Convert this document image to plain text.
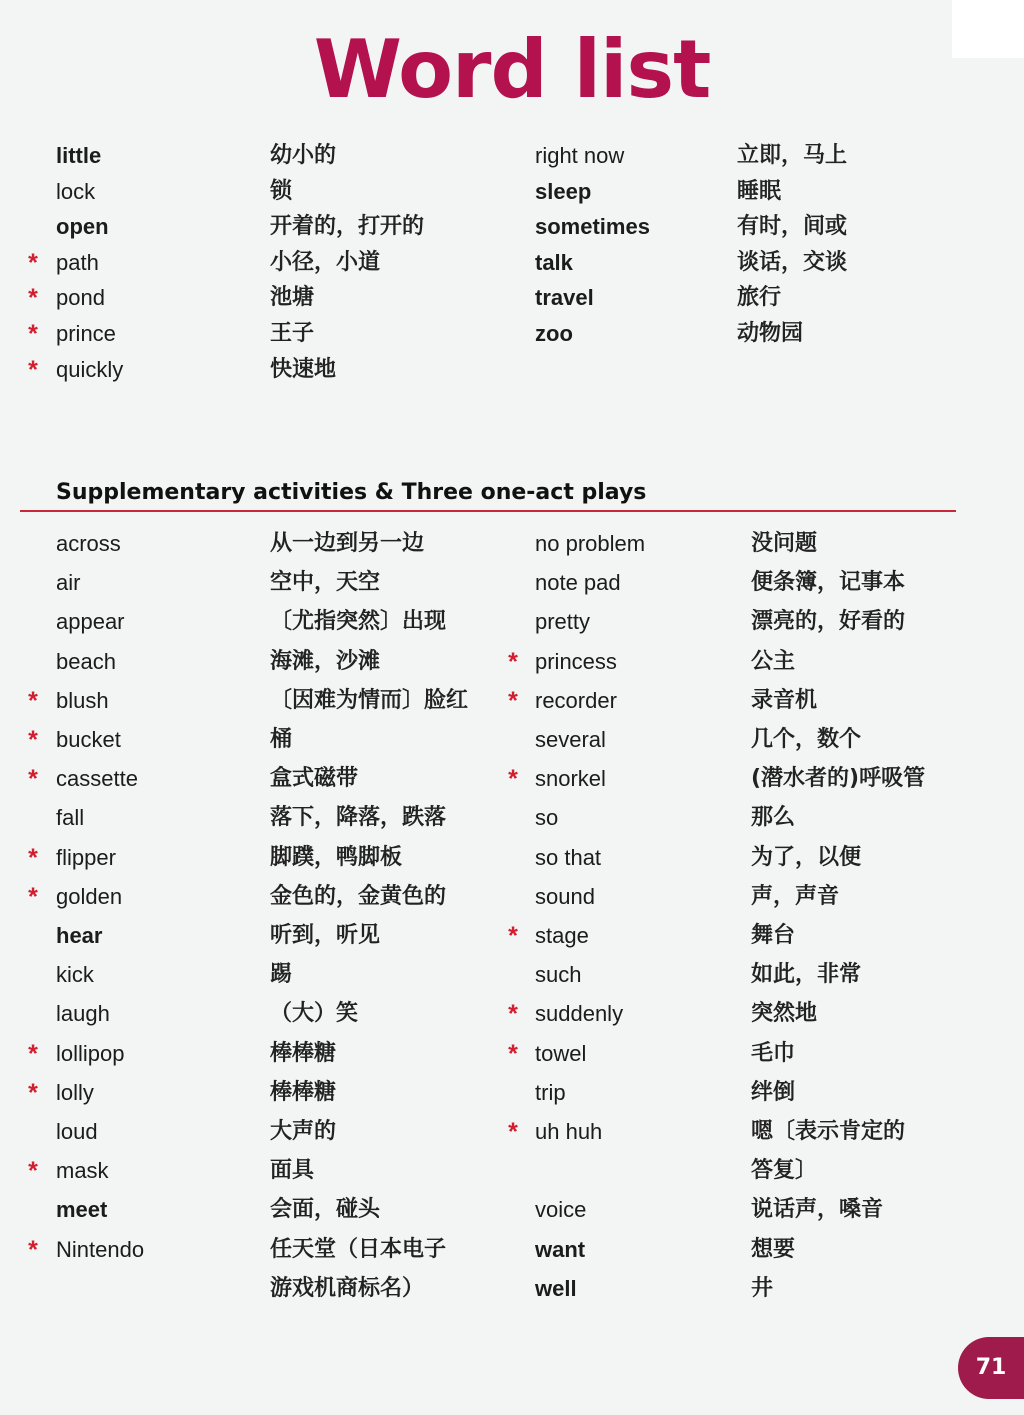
Word list
little	幼小的
lock	锁
open	开着的，打开的
* path	小径，小道
* pond	池塘
* prince	王子
* quickly	快速地
right now	立即，马上
sleep	睡眠
sometimes	有时，间或
talk	谈话，交谈
travel	旅行
zoo	动物园
Supplementary activities & Three one-act plays
across	从一边到另一边
air	空中，天空
appear	〔尤指突然〕出现
beach	海滩，沙滩
* blush	〔因难为情而〕脸红
* bucket	桶
* cassette	盒式磁带
fall	落下，降落，跌落
* flipper	脚蹼，鸭脚板
* golden	金色的，金黄色的
hear	听到，听见
kick	踢
laugh	（大）笑
* lollipop	棒棒糖
* lolly	棒棒糖
loud	大声的
* mask	面具
meet	会面，碰头
* Nintendo	任天堂（日本电子
游戏机商标名）
no problem	没问题
note pad	便条簿，记事本
pretty	漂亮的，好看的
* princess	公主
* recorder	录音机
several	几个，数个
* snorkel	(潜水者的)呼吸管
so	那么
so that	为了，以便
sound	声，声音
* stage	舞台
such	如此，非常
* suddenly	突然地
* towel	毛巾
trip	绊倒
* uh huh	嗯〔表示肯定的
答复〕
voice	说话声，嗓音
want	想要
well	井
71
